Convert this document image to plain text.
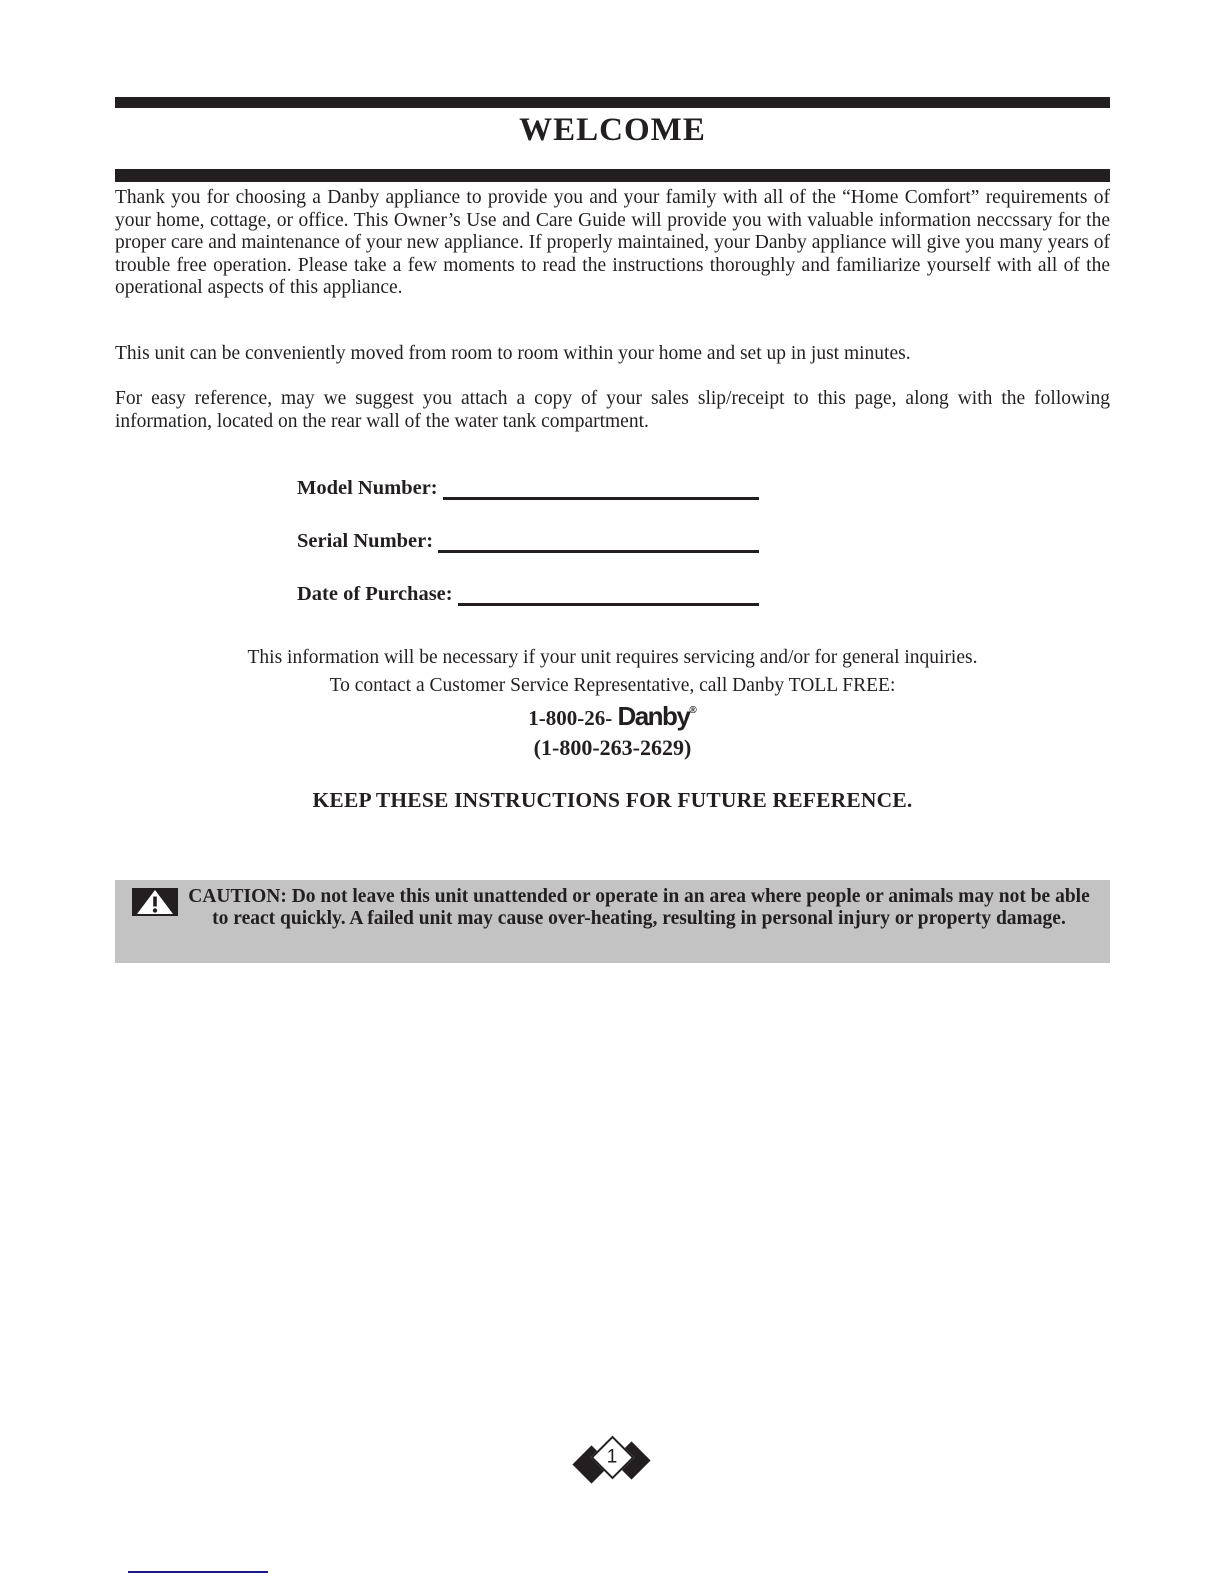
WELCOME

Thank you for choosing a Danby appliance to provide you and your family with all of the “Home Comfort” requirements of your home, cottage, or office. This Owner’s Use and Care Guide will provide you with valuable information neccssary for the proper care and maintenance of your new appliance. If properly maintained, your Danby appliance will give you many years of trouble free operation. Please take a few moments to read the instructions thoroughly and familiarize yourself with all of the operational aspects of this appliance.

This unit can be conveniently moved from room to room within your home and set up in just minutes.

For easy reference, may we suggest you attach a copy of your sales slip/receipt to this page, along with the following information, located on the rear wall of the water tank compartment.

Model Number:
Serial Number:
Date of Purchase:

This information will be necessary if your unit requires servicing and/or for general inquiries.

To contact a Customer Service Representative, call Danby TOLL FREE:

1-800-26- Danby®

(1-800-263-2629)

KEEP THESE INSTRUCTIONS FOR FUTURE REFERENCE.

CAUTION: Do not leave this unit unattended or operate in an area where people or animals may not be able to react quickly. A failed unit may cause over-heating, resulting in personal injury or property damage.
1
